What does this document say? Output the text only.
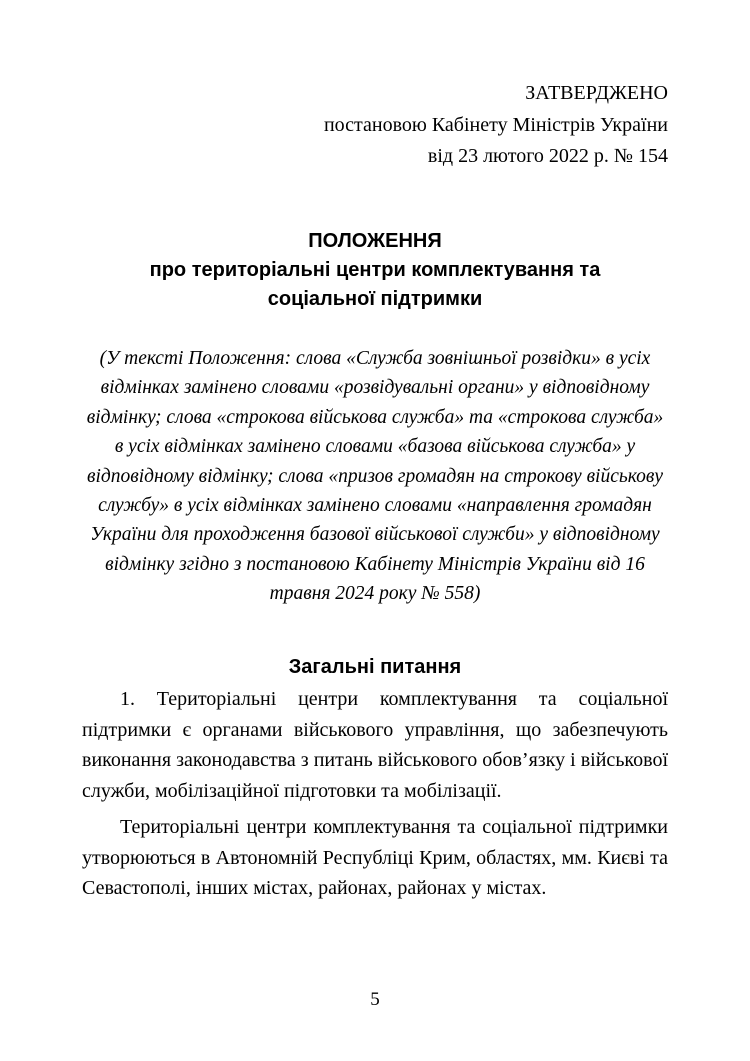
ЗАТВЕРДЖЕНО
постановою Кабінету Міністрів України
від 23 лютого 2022 р. № 154
ПОЛОЖЕННЯ
про територіальні центри комплектування та
соціальної підтримки
(У тексті Положення: слова «Служба зовнішньої розвідки» в усіх відмінках замінено словами «розвідувальні органи» у відповідному відмінку; слова «строкова військова служба» та «строкова служба» в усіх відмінках замінено словами «базова військова служба» у відповідному відмінку; слова «призов громадян на строкову військову службу» в усіх відмінках замінено словами «направлення громадян України для проходження базової військової служби» у відповідному відмінку згідно з постановою Кабінету Міністрів України від 16 травня 2024 року № 558)
Загальні питання

1. Територіальні центри комплектування та соціальної підтримки є органами військового управління, що забезпечують виконання законодавства з питань військового обов’язку і військової служби, мобілізаційної підготовки та мобілізації.

Територіальні центри комплектування та соціальної підтримки утворюються в Автономній Республіці Крим, областях, мм. Києві та Севастополі, інших містах, районах, районах у містах.

5
